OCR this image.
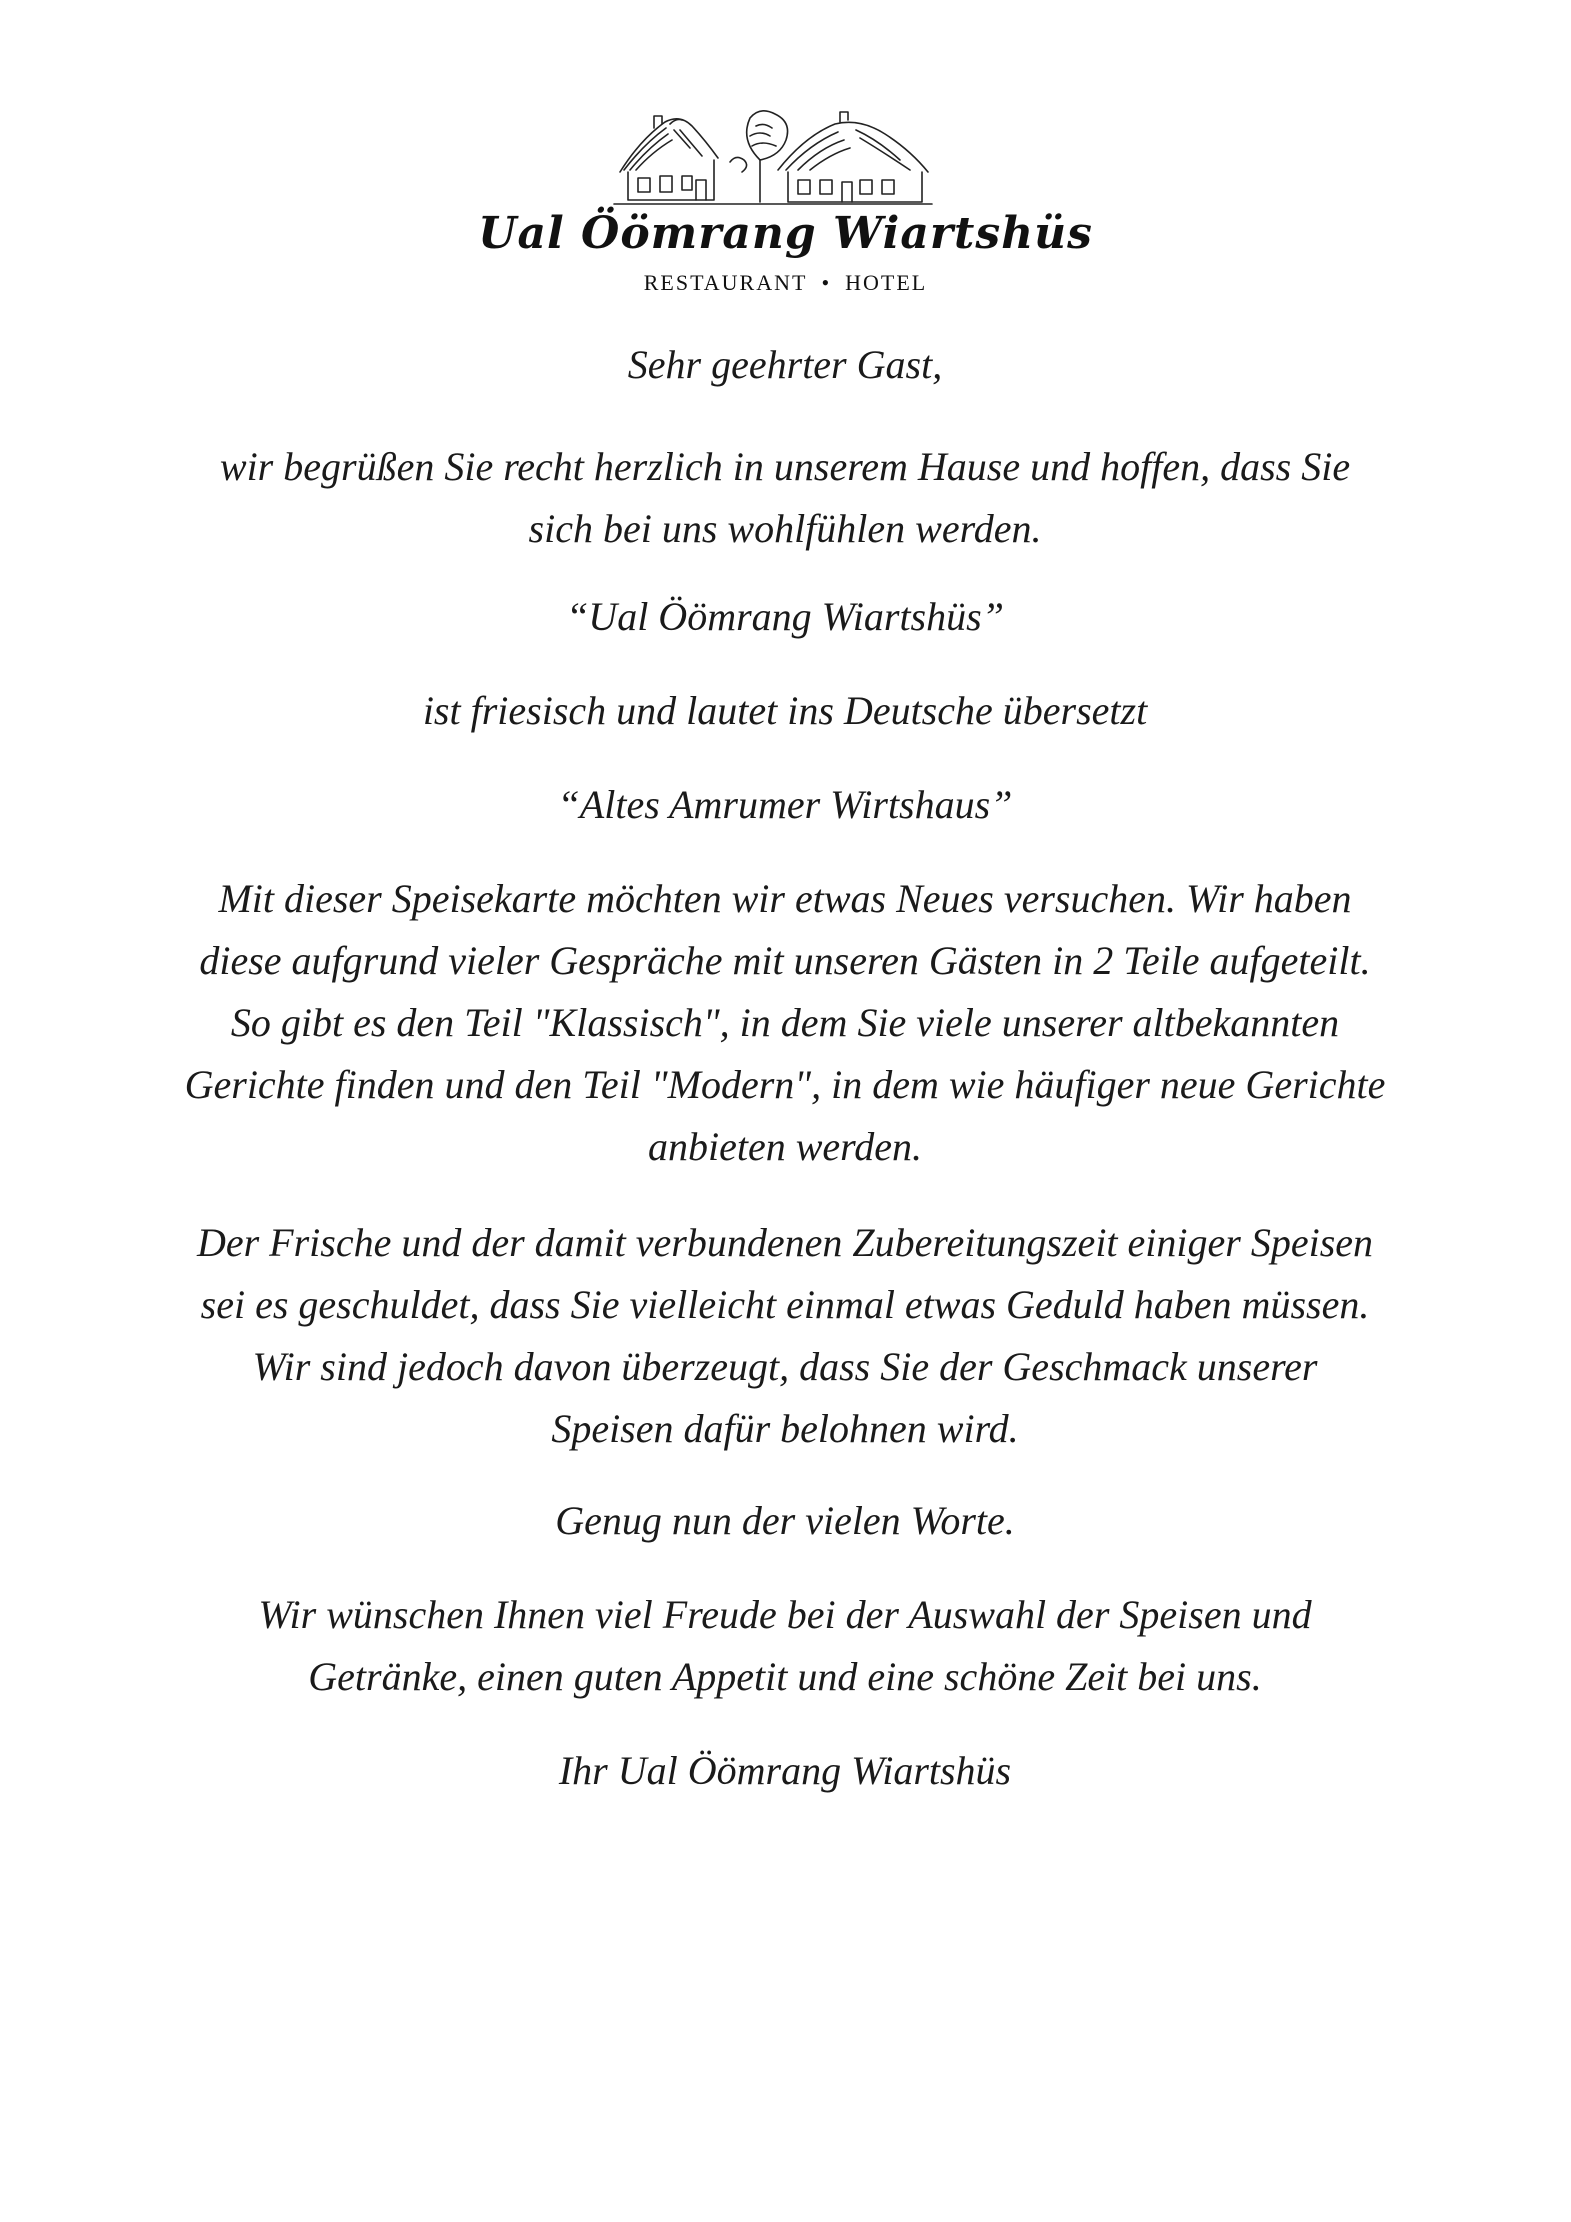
Ual Öömrang Wiartshüs
RESTAURANT • HOTEL

Sehr geehrter Gast,

wir begrüßen Sie recht herzlich in unserem Hause und hoffen, dass Sie

sich bei uns wohlfühlen werden.

“Ual Öömrang Wiartshüs”

ist friesisch und lautet ins Deutsche übersetzt

“Altes Amrumer Wirtshaus”

Mit dieser Speisekarte möchten wir etwas Neues versuchen. Wir haben

diese aufgrund vieler Gespräche mit unseren Gästen in 2 Teile aufgeteilt.

So gibt es den Teil "Klassisch", in dem Sie viele unserer altbekannten

Gerichte finden und den Teil "Modern", in dem wie häufiger neue Gerichte

anbieten werden.

Der Frische und der damit verbundenen Zubereitungszeit einiger Speisen

sei es geschuldet, dass Sie vielleicht einmal etwas Geduld haben müssen.

Wir sind jedoch davon überzeugt, dass Sie der Geschmack unserer

Speisen dafür belohnen wird.

Genug nun der vielen Worte.

Wir wünschen Ihnen viel Freude bei der Auswahl der Speisen und

Getränke, einen guten Appetit und eine schöne Zeit bei uns.

Ihr Ual Öömrang Wiartshüs
